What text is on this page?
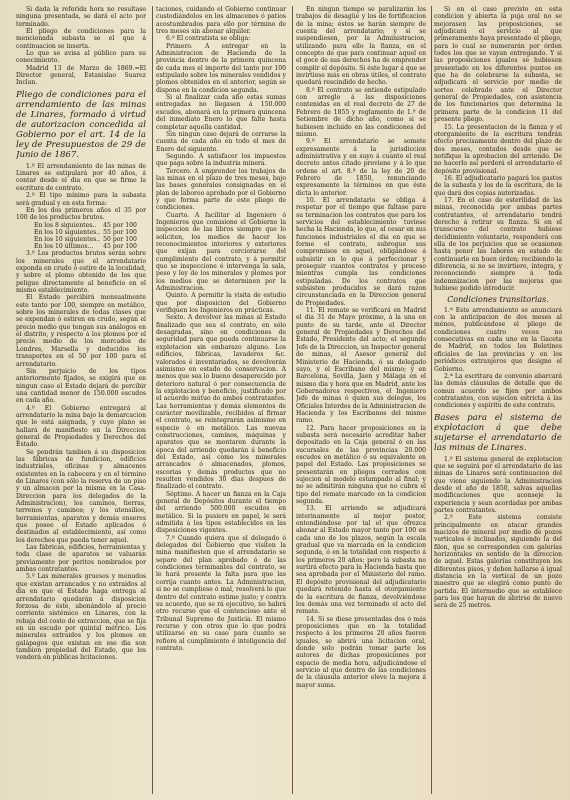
Si dada la referida hora no resultase ninguna presentada, se dará el acto por terminado.

El pliego de condiciones para la mencionada subasta se el que á continuacion se inserta.

Lo que se avisa al público para su conocimiento.

Madrid 13 de Marzo de 1869.=El Director general, Estanislao Suarez Inclan.

Pliego de condiciones para el arrendamiento de las minas de Linares, formado á virtud de autorizacion concedida al Gobierno por el art. 14 de la ley de Presupuestos de 29 de Junio de 1867.

1.º El arrendamiento de las minas de Linares se estipulará por 40 años, á contar desde el dia en que se firme la escritura de contrato.

2.º El tipo mínimo para la subasta será gradual y en esta forma:

En los dos primeros años el 35 por 100 de los productos brutos.

En los 8 siguientes..	45 por 100
En los 10 siguientes..	55 por 100
En los 10 siguientes..	50 por 100
En los 10 últimos...	45 por 100

3.º Los productos brutos serán sobre los minerales que el arrendatario exponda en crudo ó estire de la localidad, y sobre el plomo obtenido de los que peligue directamente al beneficio en el mismo establecimiento.

El Estado percibirá mensualmente este tanto por 100, siempre en metálico, sobre los minerales de todas clases que se expendan ó estiren en crudo, según el precio medio que tengan sus análogos en el distrito, y respecto á los plomos por el precio medio de los mercados de Londres, Marsella y deducidos los transportes en el 50 por 100 para el arrendatario.

Sin perjuicio de los tipos anteriormente fijados, se exigirá que en ningun caso el Estado dejará de percibir una cantidad menor de 150.000 escudos en cada año.

4.º El Gobierno entregará al arrendatario la mina bajo la demarcacion que le está asignada, y cuyo plano se hallará de manifiesto en la Direccion general de Propiedades y Derechos del Estado.

Se pondrán tambien á su disposicion las fábricas de fundicion, edificios industriales, oficinas y almacenes existentes en la cabecera y en el término de Linares (con sólo la reserva de un piso y un almacen por la misma en la Casa-Direccion para los delegados de la Administracion), los caminos, tierras, terrenos y caminos; y los utensilios, herramientas, aparatos y demás enseres que posee el Estado aplicados ó destinados al establecimiento, así como los derechos que pueda tener aquel.

Las fábricas, edificios, herramientas y toda clase de aparatos se valuarán previamente por peritos nombrados por ambas contratantes.

5.º Las minerales gruesos y menudos que existan arrancados y no extraidos al dia en que el Estado haga entrega al arrendatario quedarán á disposicion forzosa de éste, abonándolo al precio corriente sistémico en Linares, con la rebaja del costo de extraccion, que se fija en un escudo por quintal métrico. Los minerales extraidos y los plomos en galápagos que existan en ese dia son tambien propiedad del Estado, que los venderá en públicas licitaciones.

taciones, cuidando el Gobierno continuar custodiándolos en los almacenes ó patios acostumbrados para ello por término de tres meses sin abonar alquiler.

6.º El contratista se obliga:

Primero. A entregar en la Administracion de Hacienda de la provincia dentro de la primera quincena de cada mes el importe del tanto por 100 estipulado sobre los minerales vendidos y plomos obtenidos en el anterior, según se dispone en la condicion segunda.

Si al finalizar cada año estas sumas entregadas no llegasen á 150.000 escudos, abonará en la primera quincena del inmediato Enero lo que falte hasta completar aquella cantidad.

Sin ningun caso dejará de cerrarse la cuenta de cada año en todo el mes de Enero del siguiente.

Segundo. A satisfacer los impuestos que paga sobre la industria minera.

Tercero. A emprender los trabajos de las minas en el plazo de tres meses, bajo las bases generales consignadas en el plan de laboreo aprobado por el Gobierno y que forma parte de este pliego de condiciones.

Cuarto. A facilitar al Ingeniero ó Ingenieros que comisione el Gobierno la inspeccion de las libros siempre que lo soliciten, los medios de hacer los reconocimientos interiores y exteriores que exijan para cerciorarse del cumplimiento del contrato, y á permitir que se inspeccione é intervenga la sala, peso y ley de los minerales y plomos por los medios que se determinen por la Administracion.

Quinto. A permitir la visita de estudio que por disposicion del Gobierno verifiquen los Ingenieros en prácticas.

Sexto. A devolver las minas al Estado finalizado que sea el contrato, en sólo desagradas, sino en condiciones de seguridad para que pueda continuarse la explotacion sin embarazo alguno. Los edificios, fábricas, lavaderos &c. valorados é inventariados, se devolverán asimismo en estado de conservacion. A menos que sea lo bueno desaperecido por deterioro natural ó por consecuencia de la explotacion y beneficio, justificado por el acuerdo mútuo de ambos contratantes. Las herramientas y demás elementos de carácter movilizable, recibidos al firmar el contrato, se reintegrarán asimismo en especie ó en metálico. Las nuevas construcciones, caminos, máquinas y aparatos que se montaren durante la época del arriendo quedarán á beneficio del Estado, así como los minerales arrancados ó almacenados, plomos, escorias y demás productos que no resulten vendidos 30 dias despues de finalizado el contrato.

Séptimo. A hacer un fianza en la Caja general de Depósitos durante el tiempo del arriendo 500.000 escudos en metálico. Si la pusiere en papel, le será admitida á los tipos establecidos en las disposiciones vigentes.

7.º Cuando quiera que el delegado ó delegados del Gobierno que visiten la mina manifiesten que el arrendatario se separe del plan aprobado ó de las condiciones terminantes del contrato, se le hará presente la falta para que las corrija cuanto antes. La Administracion, si no se cumpliese ó mal, resolverá lo que dentro del contrato estime justo; y contra su acuerdo, que se rá ejecutivo, no habrá otro recurso que el contencioso ante el Tribunal Supremo de Justicia. El mismo recurso y con otros que lo que podrá utilizarse en su caso para cuanto se refiere al cumplimiento é inteligencia del contrato.

En ningun tiempo se paralizarán los trabajos de desagüe y los de fortificacion de la mina; éstos se harán siempre de cuenta del arrendatario; y si se suspendiesen, por la Administracion, utilizando para ello la fianza, en el concepto de que para continuar aquel en el goce de sus derechos ha de emprender complir el depósito. Si éste lugar á que se invirtiese más en obras útiles, el contrato quedará rescindido de hecho.

8.º El contrato se entiende estipulado con arreglo á las disposiciones contenidas en el real decreto de 27 de Febrero de 1855 y reglamento de 1.º de Setiembre de dicho año, como si se hubiesen incluido en las condiciones del mismo.

9.º El arrendatario se somete expresamente á la jurisdiccion administrativa y en suyo á cuanto el real decreto antes citado previene y á lo que ordene el art. 8.º de la ley de 20 de Febrero de 1850, renunciando expresamente la términos en que éste dicta lo anterior.

10. El arrendatario se obliga á respetar por el tiempo que faltase para su terminacion los contratos que para los servicios del establecimiento tuviese hecha la Hacienda, lo que, al cesar en sus funciones industriales el dia en que se forme el contrato, subrogue sus compromisos en aquel, obligándose á subsistir en lo que á perfeccionar y proseguir cuantos contratos y proceso mientras cumpla las condiciones estipuladas. De los contratos que subsisten producidos se dará razon circunstanciada en la Direccion general de Propiedades.

11. El remate se verificará en Madrid el dia 31 de Mayo próximo, á la una en punto de su tarde, ante el Director general de Propiedades y Derechos del Estado, Presidente del acto; el segundo Jefe de la Direccion, un Inspector general de minas, el Asesor general del Ministerio de Hacienda, ó su delegado suyo, y el Escribano del mismo; y en Barcelona, Sevilla, Jaen y Málaga en el mismo dia y hora que en Madrid, ante los Gobernadores respectivos, el Ingeniero Jefe de minas ó quien sus delegue, los Oficiales Interdes de la Administracion de Hacienda y los Escribanos del mismo ramo.

12. Para hacer proposiciones en la subasta será necesario acreditar haber depositado en la Caja general ó en las sucursales de las provincias 20.000 escudos en metálico ó su equivalente en papel del Estado. Las proposiciones se presentarán en pliegos cerrados con sujecion al modelo estampado al final; y no se admitirán ninguna que no cubra el tipo del remate marcado en la condicion segunda.

13. El arriendo se adjudicará interinamente al mejor postor, entendiéndose por tal el que ofrezca abonar al Estado mayor tanto por 100 en cada uno de los plazos, según la escala gradual que va marcada en la condicion segunda, ó en la totalidad con respecto á los primeros 20 años; pero la subasta no surtirá efecto para la Hacienda hasta que sea aprobada por el Ministerio del ramo. El depósito provisional del adjudicatario quedará retenido hasta el otorgamiento de la escritura de fianza, devolviéndose los demás una vez terminado el acto del remate.

14. Si se diese presentadas dos ó más proposiciones que en la totalidad respecto á los primeros 20 años fueren iguales, se abrirá una licitacion oral, donde solo podrán tomar parte los autores de dichas proposiciones por espacio de media hora, adjudicándose el servicio al que dentro de las condiciones de la cláusula anterior eleve la mejora á mayor suma.

Si en el caso previsto en esta condicion y abierta la puja oral no se mejorasen las proposiciones, se adjudicará el servicio al que primeramente haya presentado el pliego, para lo cual se numerarán por órden todos los que se vayan entregando. Y si las proposiciones iguales se hubiesen presentado en los diferentes puntos en que ha de celebrarse la subasta, se adjudicará el servicio por medio de sorteo celebrado ante el Director general de Propiedades, con asistencia de los funcionarios que determina la primera parte de la condicion 11 del presente pliego.

15. La presentacion de la fianza y el otorgamiento de la escritura tendrán efecto precisamente dentro del plazo de dos meses, contados desde que se notifique la aprobacion del arriendo. De no hacerlo así perderá el arrendatario el depósito provisional.

16. El adjudicatario pagará los gastos de la subasta y los de la escritura, de la que dará dos copias autorizadas.

17. En el caso de esterilidad de las minas, reconocida por ambas partes contratantes, el arrendatario tendrá derecho á retirar su fianza. Si en el transcurso del contrato hubiese decidimiento voluntario, responderá con ella de los perjuicios que se ocasionen hasta poner las labores en estado de continuarlo en buen órden; recibiendo la diferencia, si no se invirtiere, íntegra, y reconociendo siempre á toda indemnizacion por las mejoras que hubiese podido introducir.

Condiciones transitorias.

1.ª Este arrendamiento se anunciará con la anticipacion de dos meses al ménos, publicándose el pliego de condiciones cuatro veces no consecutivas en cada uno en la Gaceta de Madrid, en todos los Boletines oficiales de las provincias y en los periódicos extranjeros que designe el Gobierno.

2.ª La escritura de convenio abarcará las demás cláusulas de detalle que de comun acuerdo se fijen por ambos contratantes, con sujecion estricta á las condiciones y espíritu de este contrato.

Bases para el sistema de explotacion á que debe sujetarse el arrendatario de las minas de Linares.

1.º El sistema general de explotacion que se seguirá por el arrendatario de las minas de Linares será continuacion del que viene siguiendo la Administracion desde el año de 1850, salvas aquellas modificaciones que aconseje la experiencia y sean acordadas por ambas partes contratantes.

2.º Este sistema consiste principalmente en atacar grandes macizos de mineral por medio de pozos verticales é inclinados, siguiendo la del filon, que se corresponden con galerías horizontales en sentido de la direccion de aquel. Estas galerías constituyen los diferentes pisos, y deben hallarse á igual distancia en la vertical de un pozo maestro que se elegirá como punto de partida. El intermedio que se establece para los que hayan de abrirse de nuevo será de 25 metros.
